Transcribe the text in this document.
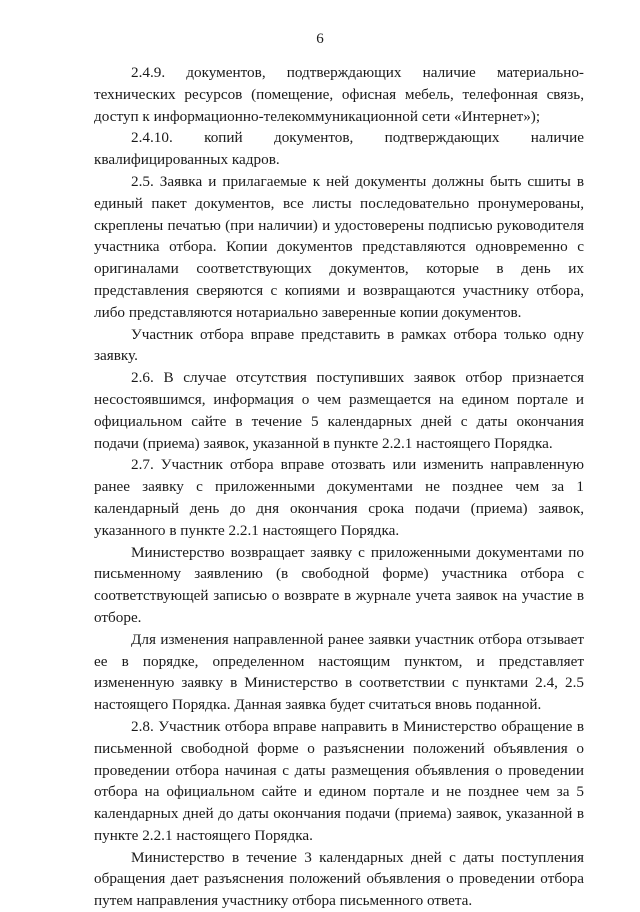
6

2.4.9. документов, подтверждающих наличие материально-технических ресурсов (помещение, офисная мебель, телефонная связь, доступ к информационно-телекоммуникационной сети «Интернет»);

2.4.10. копий документов, подтверждающих наличие квалифицированных кадров.

2.5. Заявка и прилагаемые к ней документы должны быть сшиты в единый пакет документов, все листы последовательно пронумерованы, скреплены печатью (при наличии) и удостоверены подписью руководителя участника отбора. Копии документов представляются одновременно с оригиналами соответствующих документов, которые в день их представления сверяются с копиями и возвращаются участнику отбора, либо представляются нотариально заверенные копии документов.

Участник отбора вправе представить в рамках отбора только одну заявку.

2.6. В случае отсутствия поступивших заявок отбор признается несостоявшимся, информация о чем размещается на едином портале и официальном сайте в течение 5 календарных дней с даты окончания подачи (приема) заявок, указанной в пункте 2.2.1 настоящего Порядка.

2.7. Участник отбора вправе отозвать или изменить направленную ранее заявку с приложенными документами не позднее чем за 1 календарный день до дня окончания срока подачи (приема) заявок, указанного в пункте 2.2.1 настоящего Порядка.

Министерство возвращает заявку с приложенными документами по письменному заявлению (в свободной форме) участника отбора с соответствующей записью о возврате в журнале учета заявок на участие в отборе.

Для изменения направленной ранее заявки участник отбора отзывает ее в порядке, определенном настоящим пунктом, и представляет измененную заявку в Министерство в соответствии с пунктами 2.4, 2.5 настоящего Порядка. Данная заявка будет считаться вновь поданной.

2.8. Участник отбора вправе направить в Министерство обращение в письменной свободной форме о разъяснении положений объявления о проведении отбора начиная с даты размещения объявления о проведении отбора на официальном сайте и едином портале и не позднее чем за 5 календарных дней до даты окончания подачи (приема) заявок, указанной в пункте 2.2.1 настоящего Порядка.

Министерство в течение 3 календарных дней с даты поступления обращения дает разъяснения положений объявления о проведении отбора путем направления участнику отбора письменного ответа.
